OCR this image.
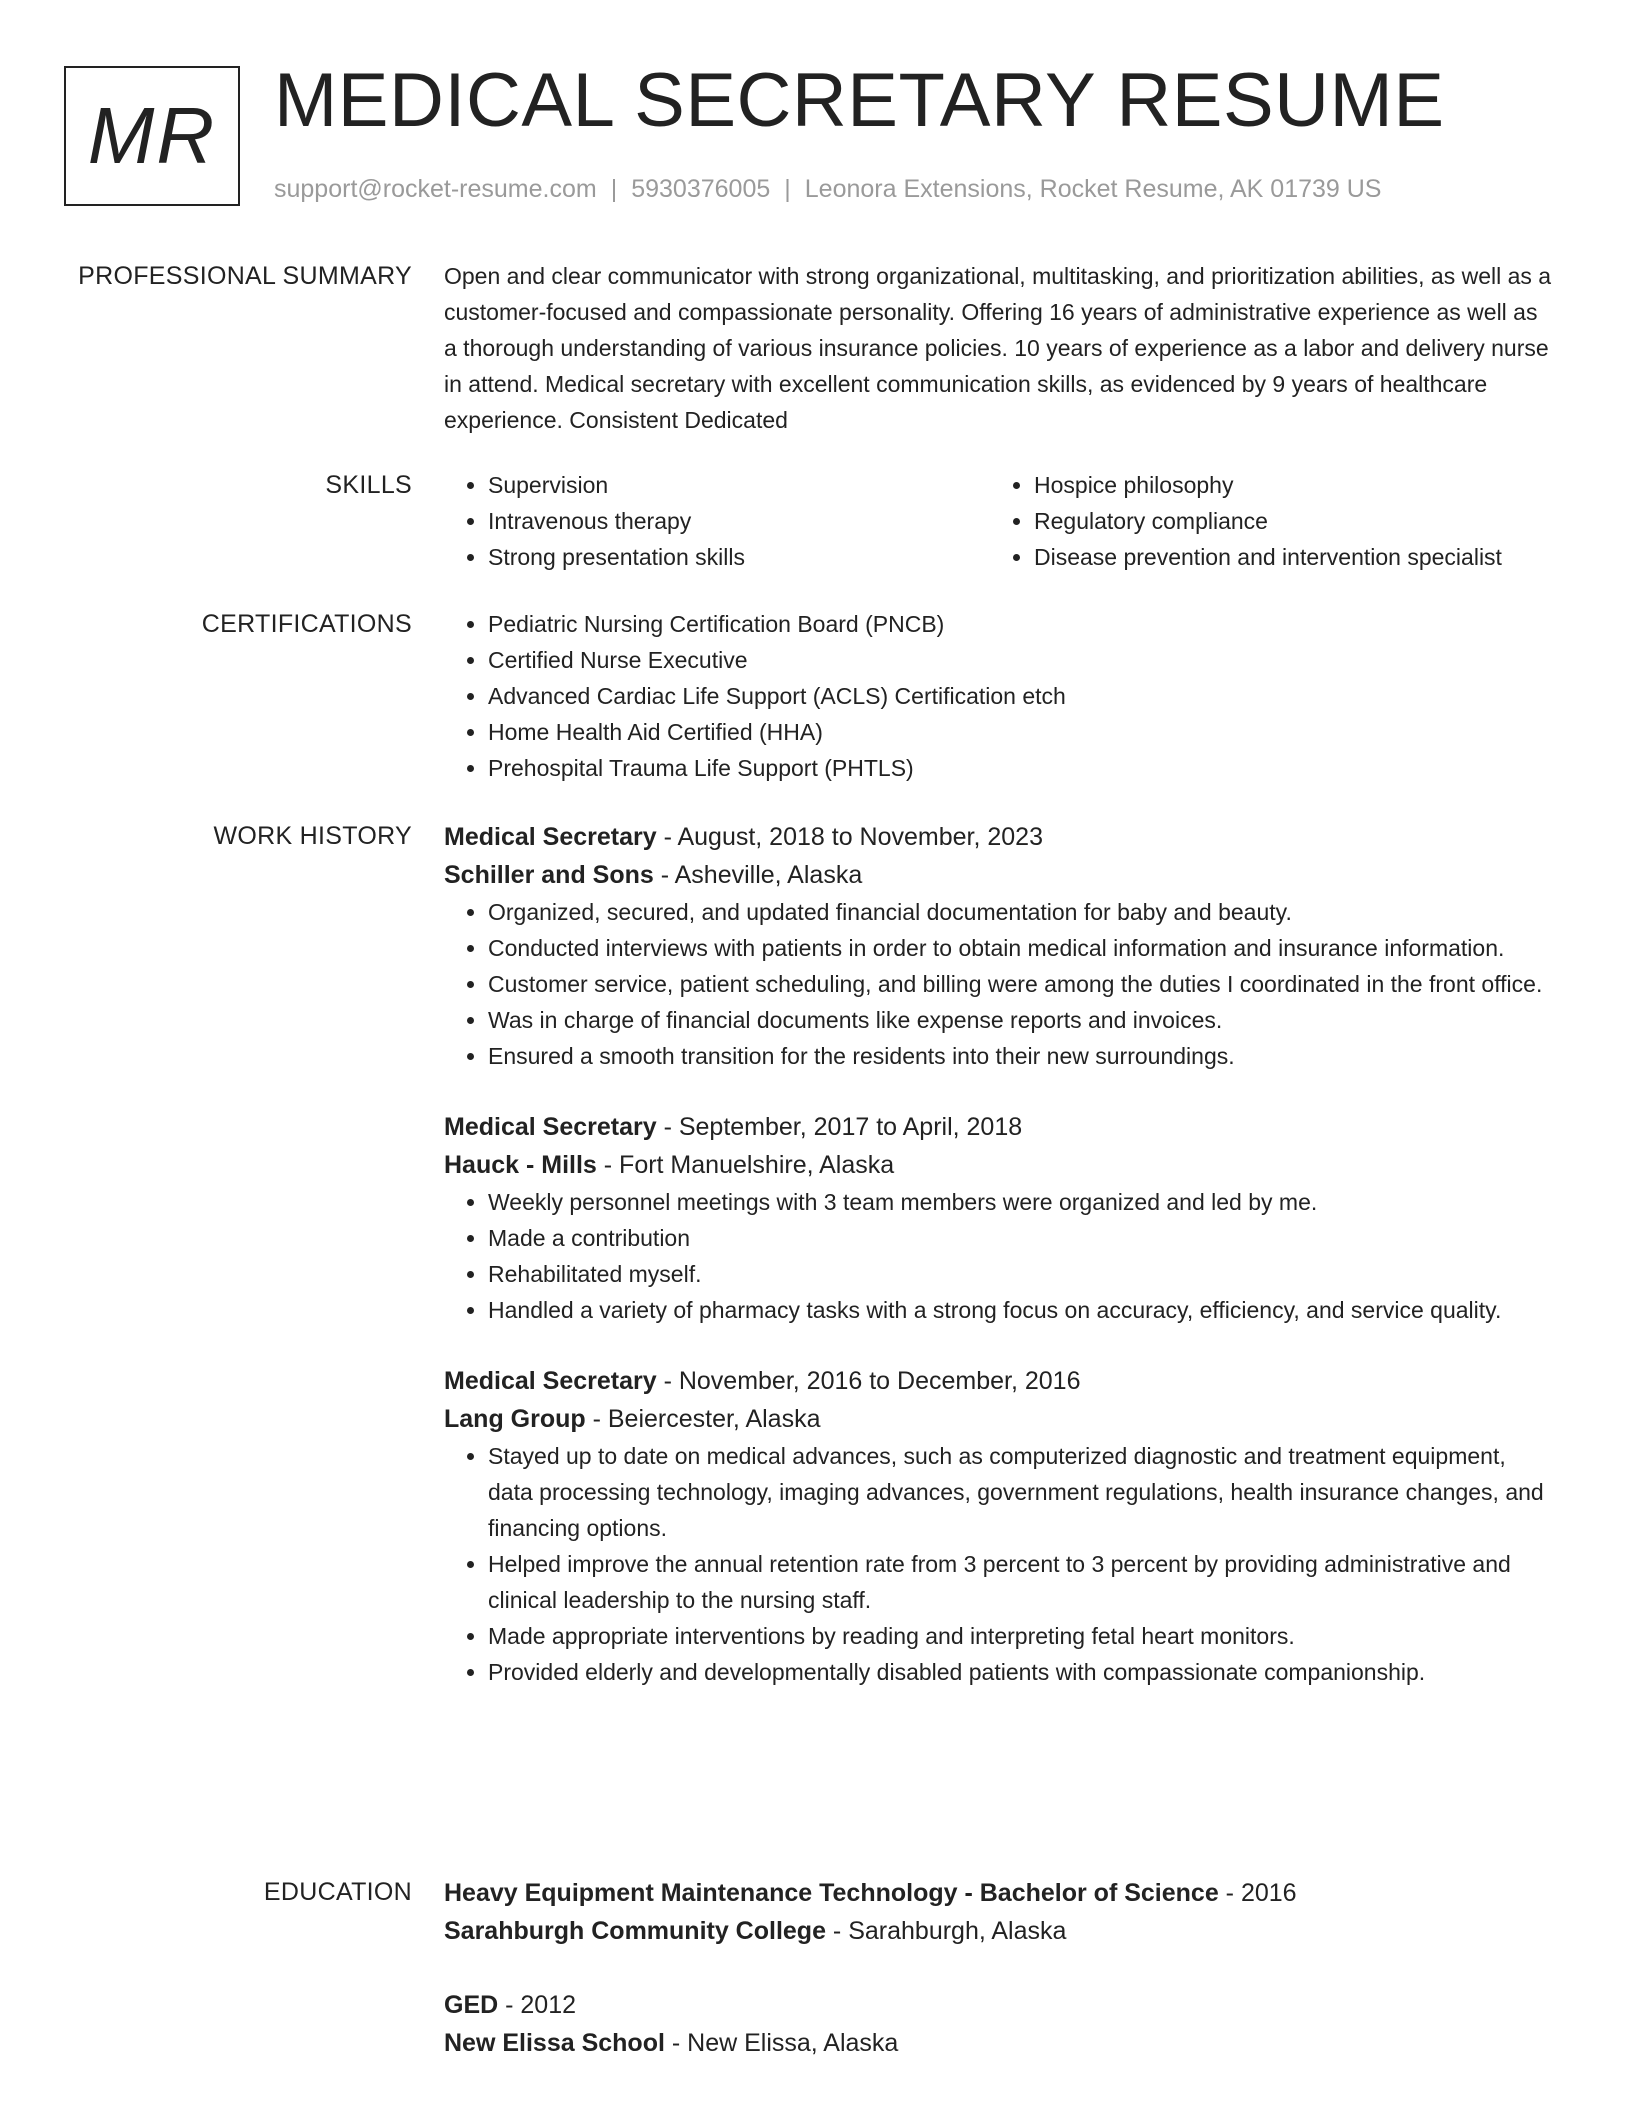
MR MEDICAL SECRETARY RESUME
support@rocket-resume.com | 5930376005 | Leonora Extensions, Rocket Resume, AK 01739 US
PROFESSIONAL SUMMARY Open and clear communicator with strong organizational, multitasking, and prioritization abilities, as well as a customer-focused and compassionate personality. Offering 16 years of administrative experience as well as a thorough understanding of various insurance policies. 10 years of experience as a labor and delivery nurse in attend. Medical secretary with excellent communication skills, as evidenced by 9 years of healthcare experience. Consistent Dedicated

SKILLS	• Supervision
• Intravenous therapy
• Strong presentation skills
• Hospice philosophy
• Regulatory compliance
• Disease prevention and intervention specialist
CERTIFICATIONS	• Pediatric Nursing Certification Board (PNCB)
• Certified Nurse Executive
• Advanced Cardiac Life Support (ACLS) Certification etch
• Home Health Aid Certified (HHA)
• Prehospital Trauma Life Support (PHTLS)
WORK HISTORY Medical Secretary - August, 2018 to November, 2023
Schiller and Sons - Asheville, Alaska
• Organized, secured, and updated financial documentation for baby and beauty.
• Conducted interviews with patients in order to obtain medical information and insurance information.
• Customer service, patient scheduling, and billing were among the duties I coordinated in the front office.
• Was in charge of financial documents like expense reports and invoices.
• Ensured a smooth transition for the residents into their new surroundings.
Medical Secretary - September, 2017 to April, 2018
Hauck - Mills - Fort Manuelshire, Alaska
• Weekly personnel meetings with 3 team members were organized and led by me.
• Made a contribution
• Rehabilitated myself.
• Handled a variety of pharmacy tasks with a strong focus on accuracy, efficiency, and service quality.
Medical Secretary - November, 2016 to December, 2016
Lang Group - Beiercester, Alaska
• Stayed up to date on medical advances, such as computerized diagnostic and treatment equipment, data processing technology, imaging advances, government regulations, health insurance changes, and financing options.
• Helped improve the annual retention rate from 3 percent to 3 percent by providing administrative and clinical leadership to the nursing staff.
• Made appropriate interventions by reading and interpreting fetal heart monitors.
• Provided elderly and developmentally disabled patients with compassionate companionship.
EDUCATION Heavy Equipment Maintenance Technology - Bachelor of Science - 2016
Sarahburgh Community College - Sarahburgh, Alaska
GED - 2012
New Elissa School - New Elissa, Alaska
